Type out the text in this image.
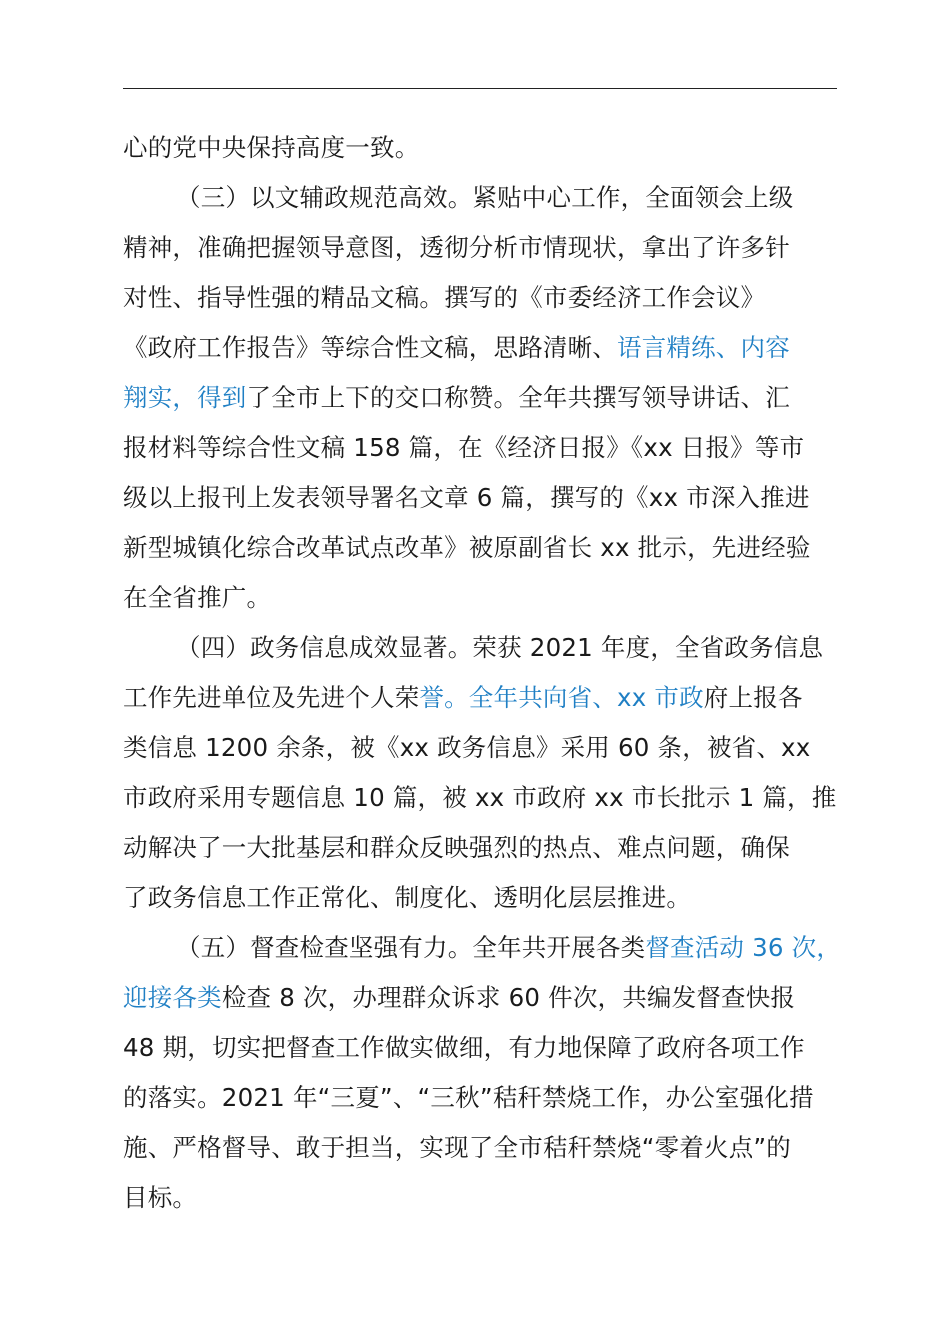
心的党中央保持高度一致。
（三）以文辅政规范高效。紧贴中心工作，全面领会上级
精神，准确把握领导意图，透彻分析市情现状，拿出了许多针
对性、指导性强的精品文稿。撰写的《市委经济工作会议》
《政府工作报告》等综合性文稿，思路清晰、语言精练、内容
翔实，得到了全市上下的交口称赞。全年共撰写领导讲话、汇
报材料等综合性文稿 158 篇，在《经济日报》《xx 日报》等市
级以上报刊上发表领导署名文章 6 篇，撰写的《xx 市深入推进
新型城镇化综合改革试点改革》被原副省长 xx 批示，先进经验
在全省推广。
（四）政务信息成效显著。荣获 2021 年度，全省政务信息
工作先进单位及先进个人荣誉。全年共向省、xx 市政府上报各
类信息 1200 余条，被《xx 政务信息》采用 60 条，被省、xx
市政府采用专题信息 10 篇，被 xx 市政府 xx 市长批示 1 篇，推
动解决了一大批基层和群众反映强烈的热点、难点问题，确保
了政务信息工作正常化、制度化、透明化层层推进。
（五）督查检查坚强有力。全年共开展各类督查活动 36 次，
迎接各类检查 8 次，办理群众诉求 60 件次，共编发督查快报
48 期，切实把督查工作做实做细，有力地保障了政府各项工作
的落实。2021 年“三夏”、“三秋”秸秆禁烧工作，办公室强化措
施、严格督导、敢于担当，实现了全市秸秆禁烧“零着火点”的
目标。
